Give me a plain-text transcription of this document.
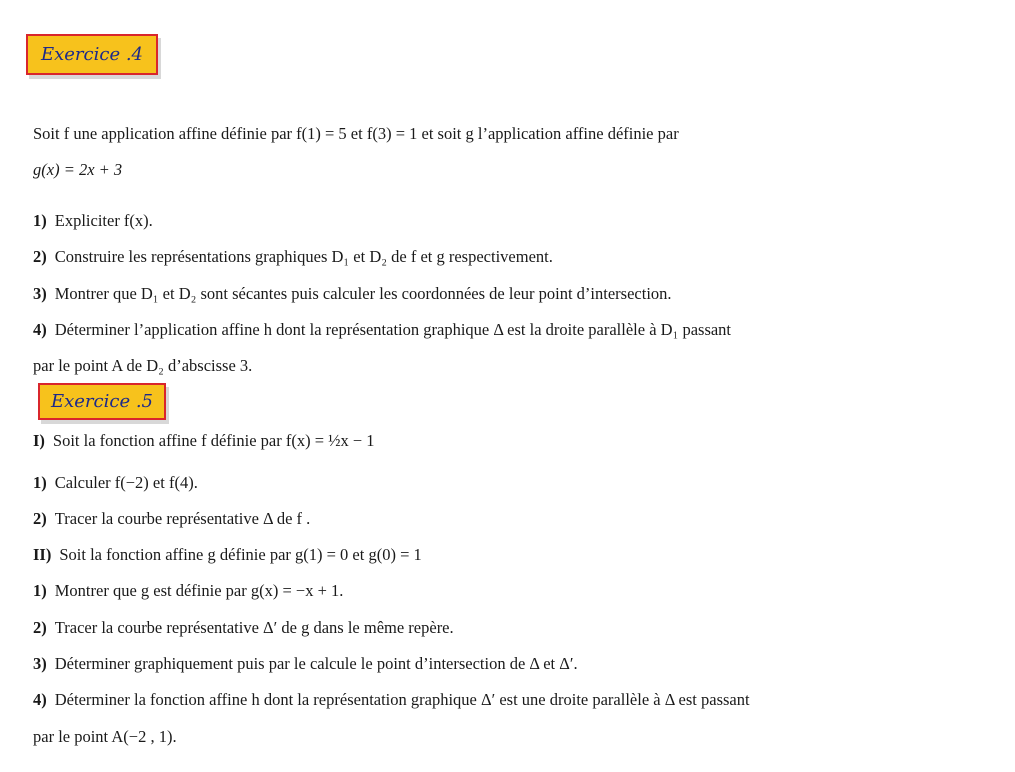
Exercice .4
Soit f une application affine définie par f(1) = 5 et f(3) = 1 et soit g l’application affine définie par
g(x) = 2x + 3
1) Expliciter f(x).
2) Construire les représentations graphiques D₁ et D₂ de f et g respectivement.
3) Montrer que D₁ et D₂ sont sécantes puis calculer les coordonnées de leur point d’intersection.
4) Déterminer l’application affine h dont la représentation graphique Δ est la droite parallèle à D₁ passant
par le point A de D₂ d’abscisse 3.
Exercice .5
I) Soit la fonction affine f définie par f(x) = ½x − 1
1) Calculer f(−2) et f(4).
2) Tracer la courbe représentative Δ de f .
II) Soit la fonction affine g définie par g(1) = 0 et g(0) = 1
1) Montrer que g est définie par g(x) = −x + 1.
2) Tracer la courbe représentative Δ′ de g dans le même repère.
3) Déterminer graphiquement puis par le calcule le point d’intersection de Δ et Δ′.
4) Déterminer la fonction affine h dont la représentation graphique Δ′ est une droite parallèle à Δ est passant
par le point A(−2 , 1).
